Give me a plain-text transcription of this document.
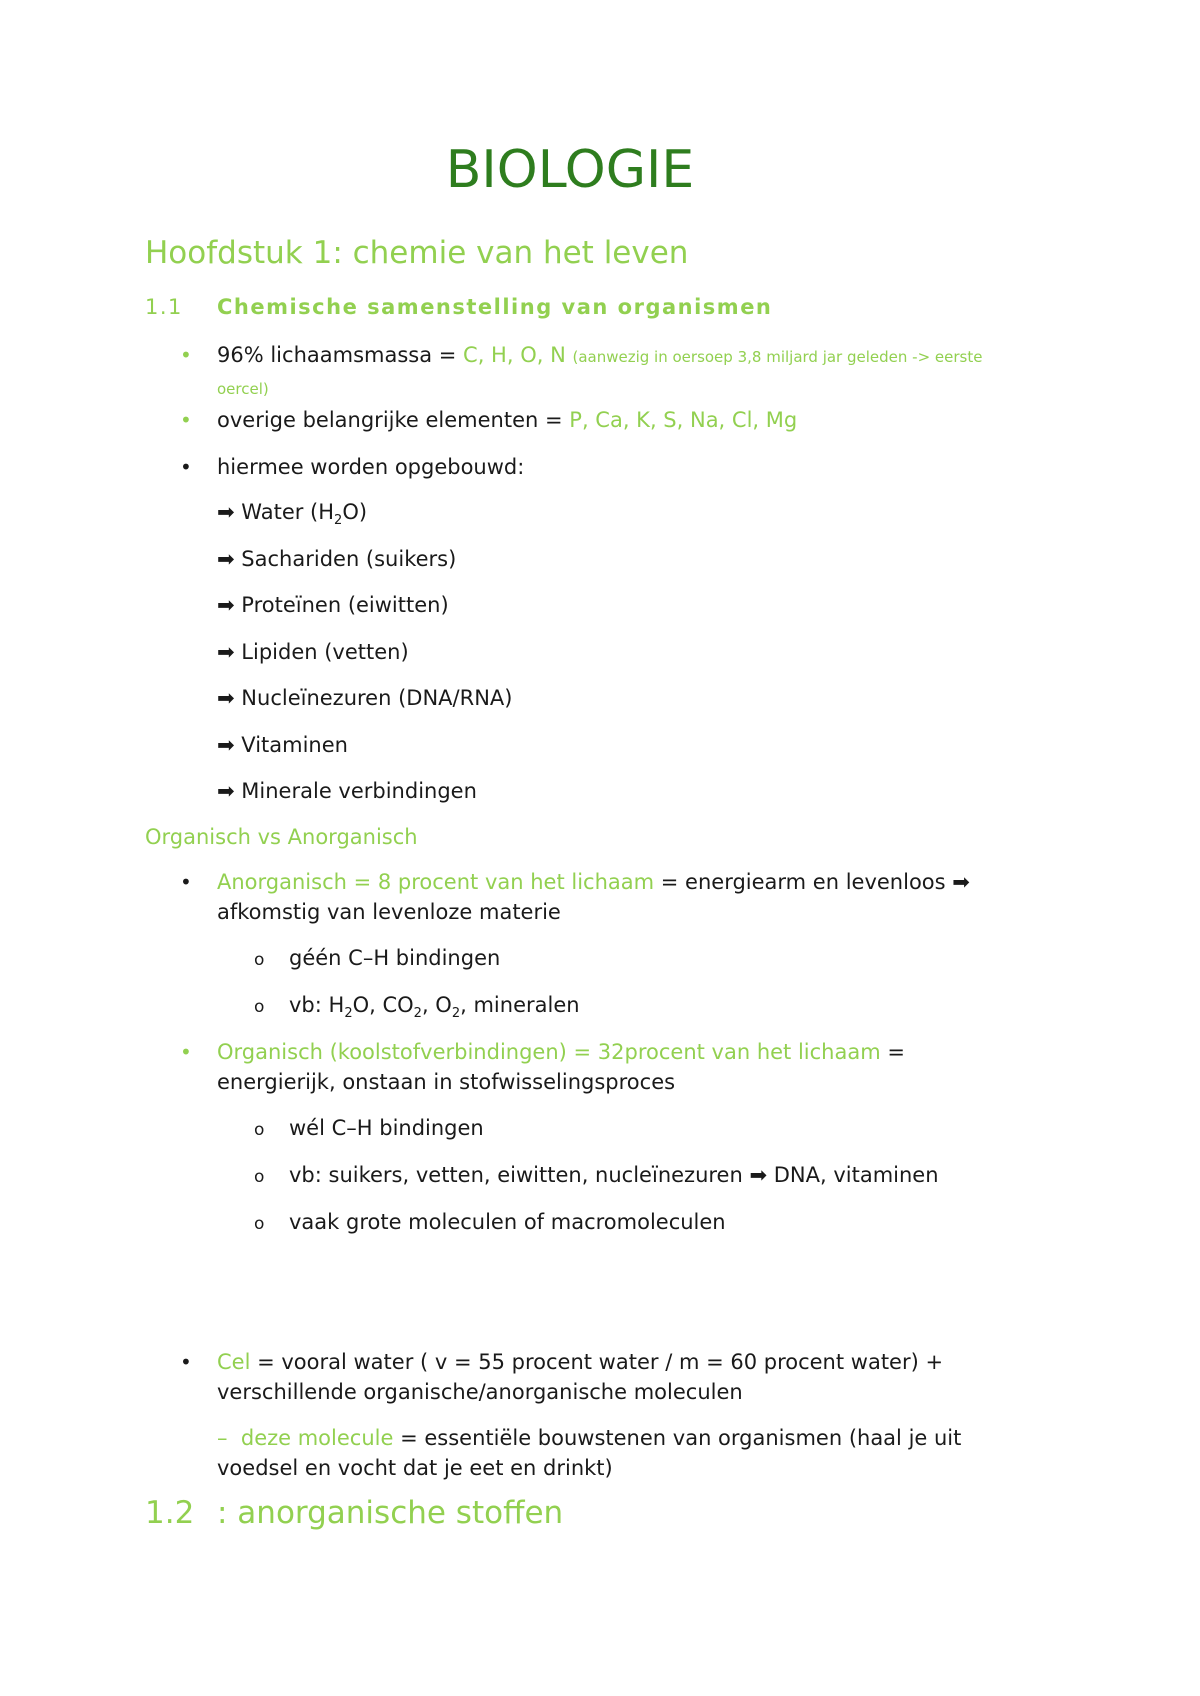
BIOLOGIE
Hoofdstuk 1: chemie van het leven
1.1 Chemische samenstelling van organismen
• 96% lichaamsmassa = C, H, O, N (aanwezig in oersoep 3,8 miljard jar geleden -> eerste
oercel)
• overige belangrijke elementen = P, Ca, K, S, Na, Cl, Mg
• hiermee worden opgebouwd:
➡ Water $(H_2O)$
➡ Sachariden (suikers)
➡ Proteïnen (eiwitten)
➡ Lipiden (vetten)
➡ Nucleïnezuren (DNA/RNA)
➡ Vitaminen
➡ Minerale verbindingen
Organisch vs Anorganisch
• Anorganisch = 8 procent van het lichaam = energiearm en levenloos ➡
afkomstig van levenloze materie
o géén C–H bindingen
o vb: $H_2O$, $CO_2$, $O_2$, mineralen
• Organisch (koolstofverbindingen) = 32procent van het lichaam =
energierijk, onstaan in stofwisselingsproces
o wél C–H bindingen
o vb: suikers, vetten, eiwitten, nucleïnezuren ➡ DNA, vitaminen
o vaak grote moleculen of macromoleculen
• Cel = vooral water ( v = 55 procent water / m = 60 procent water) +
verschillende organische/anorganische moleculen
– deze molecule = essentiële bouwstenen van organismen (haal je uit
voedsel en vocht dat je eet en drinkt)
1.2 : anorganische stoffen
